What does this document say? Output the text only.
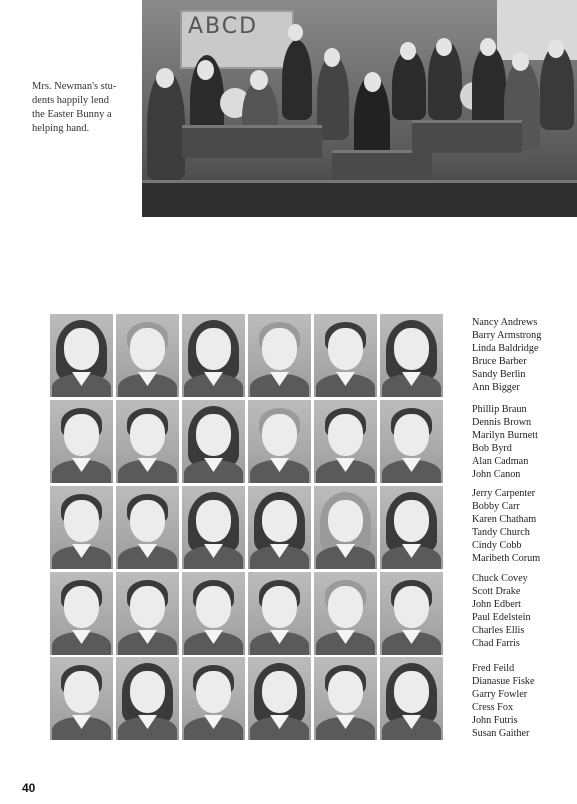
Mrs. Newman's stu-
dents happily lend
the Easter Bunny a
helping hand.
ABCD
Nancy Andrews
Barry Armstrong
Linda Baldridge
Bruce Barber
Sandy Berlin
Ann Bigger
Phillip Braun
Dennis Brown
Marilyn Burnett
Bob Byrd
Alan Cadman
John Canon
Jerry Carpenter
Bobby Carr
Karen Chatham
Tandy Church
Cindy Cobb
Maribeth Corum
Chuck Covey
Scott Drake
John Edbert
Paul Edelstein
Charles Ellis
Chad Farris
Fred Feild
Dianasue Fiske
Garry Fowler
Cress Fox
John Futris
Susan Gaither
40
